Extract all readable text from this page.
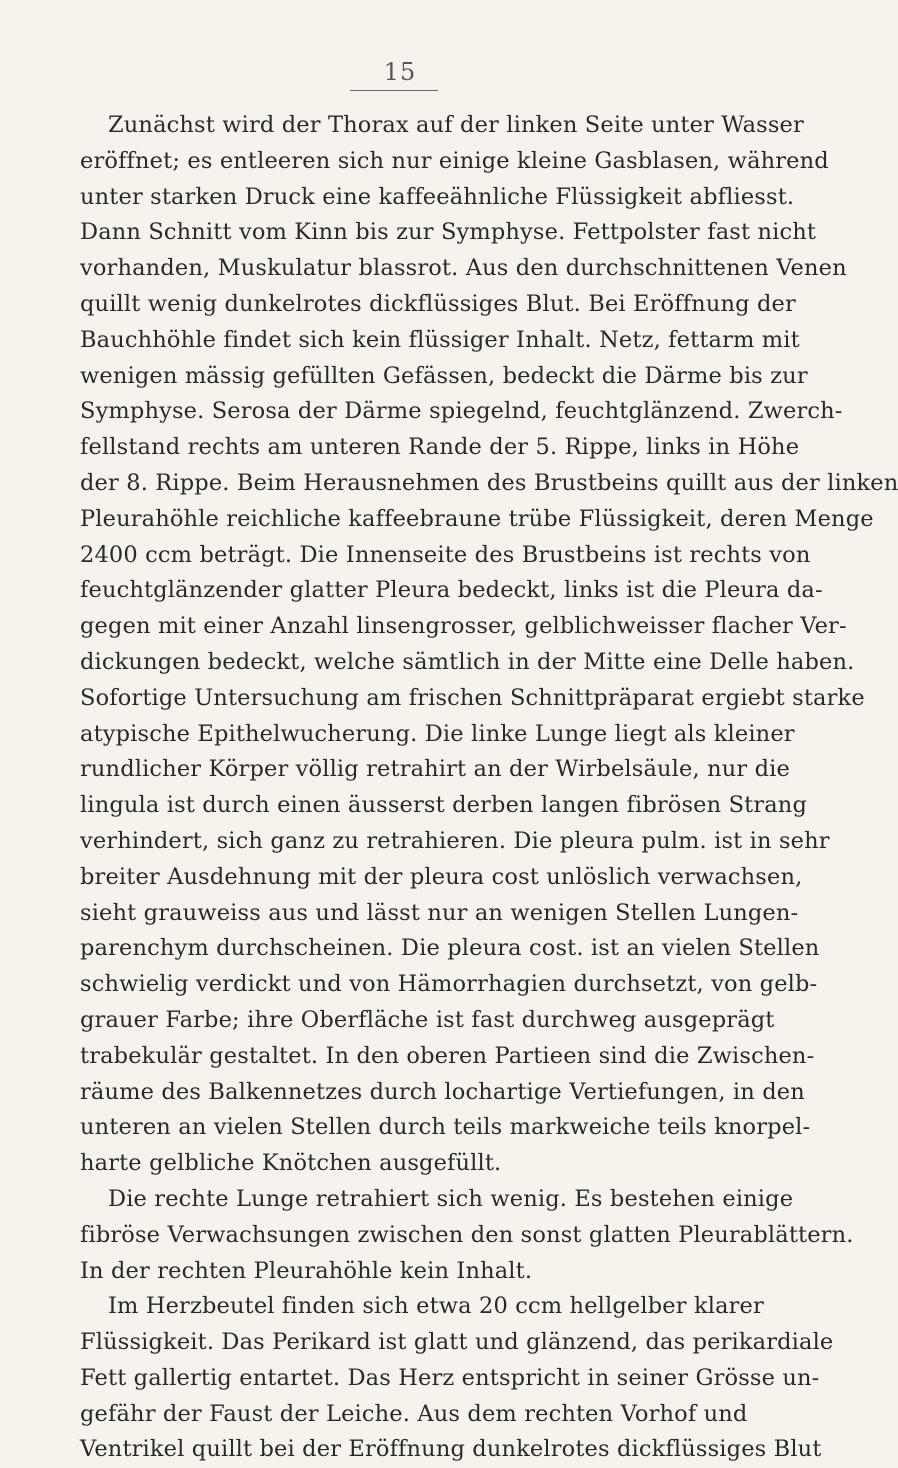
15
Zunächst wird der Thorax auf der linken Seite unter Wasser
eröffnet; es entleeren sich nur einige kleine Gasblasen, während
unter starken Druck eine kaffeeähnliche Flüssigkeit abfliesst.
Dann Schnitt vom Kinn bis zur Symphyse. Fettpolster fast nicht
vorhanden, Muskulatur blassrot. Aus den durchschnittenen Venen
quillt wenig dunkelrotes dickflüssiges Blut. Bei Eröffnung der
Bauchhöhle findet sich kein flüssiger Inhalt. Netz, fettarm mit
wenigen mässig gefüllten Gefässen, bedeckt die Därme bis zur
Symphyse. Serosa der Därme spiegelnd, feuchtglänzend. Zwerch-
fellstand rechts am unteren Rande der 5. Rippe, links in Höhe
der 8. Rippe. Beim Herausnehmen des Brustbeins quillt aus der linken
Pleurahöhle reichliche kaffeebraune trübe Flüssigkeit, deren Menge
2400 ccm beträgt. Die Innenseite des Brustbeins ist rechts von
feuchtglänzender glatter Pleura bedeckt, links ist die Pleura da-
gegen mit einer Anzahl linsengrosser, gelblichweisser flacher Ver-
dickungen bedeckt, welche sämtlich in der Mitte eine Delle haben.
Sofortige Untersuchung am frischen Schnittpräparat ergiebt starke
atypische Epithelwucherung. Die linke Lunge liegt als kleiner
rundlicher Körper völlig retrahirt an der Wirbelsäule, nur die
lingula ist durch einen äusserst derben langen fibrösen Strang
verhindert, sich ganz zu retrahieren. Die pleura pulm. ist in sehr
breiter Ausdehnung mit der pleura cost unlöslich verwachsen,
sieht grauweiss aus und lässt nur an wenigen Stellen Lungen-
parenchym durchscheinen. Die pleura cost. ist an vielen Stellen
schwielig verdickt und von Hämorrhagien durchsetzt, von gelb-
grauer Farbe; ihre Oberfläche ist fast durchweg ausgeprägt
trabekulär gestaltet. In den oberen Partieen sind die Zwischen-
räume des Balkennetzes durch lochartige Vertiefungen, in den
unteren an vielen Stellen durch teils markweiche teils knorpel-
harte gelbliche Knötchen ausgefüllt.
Die rechte Lunge retrahiert sich wenig. Es bestehen einige
fibröse Verwachsungen zwischen den sonst glatten Pleurablättern.
In der rechten Pleurahöhle kein Inhalt.
Im Herzbeutel finden sich etwa 20 ccm hellgelber klarer
Flüssigkeit. Das Perikard ist glatt und glänzend, das perikardiale
Fett gallertig entartet. Das Herz entspricht in seiner Grösse un-
gefähr der Faust der Leiche. Aus dem rechten Vorhof und
Ventrikel quillt bei der Eröffnung dunkelrotes dickflüssiges Blut
